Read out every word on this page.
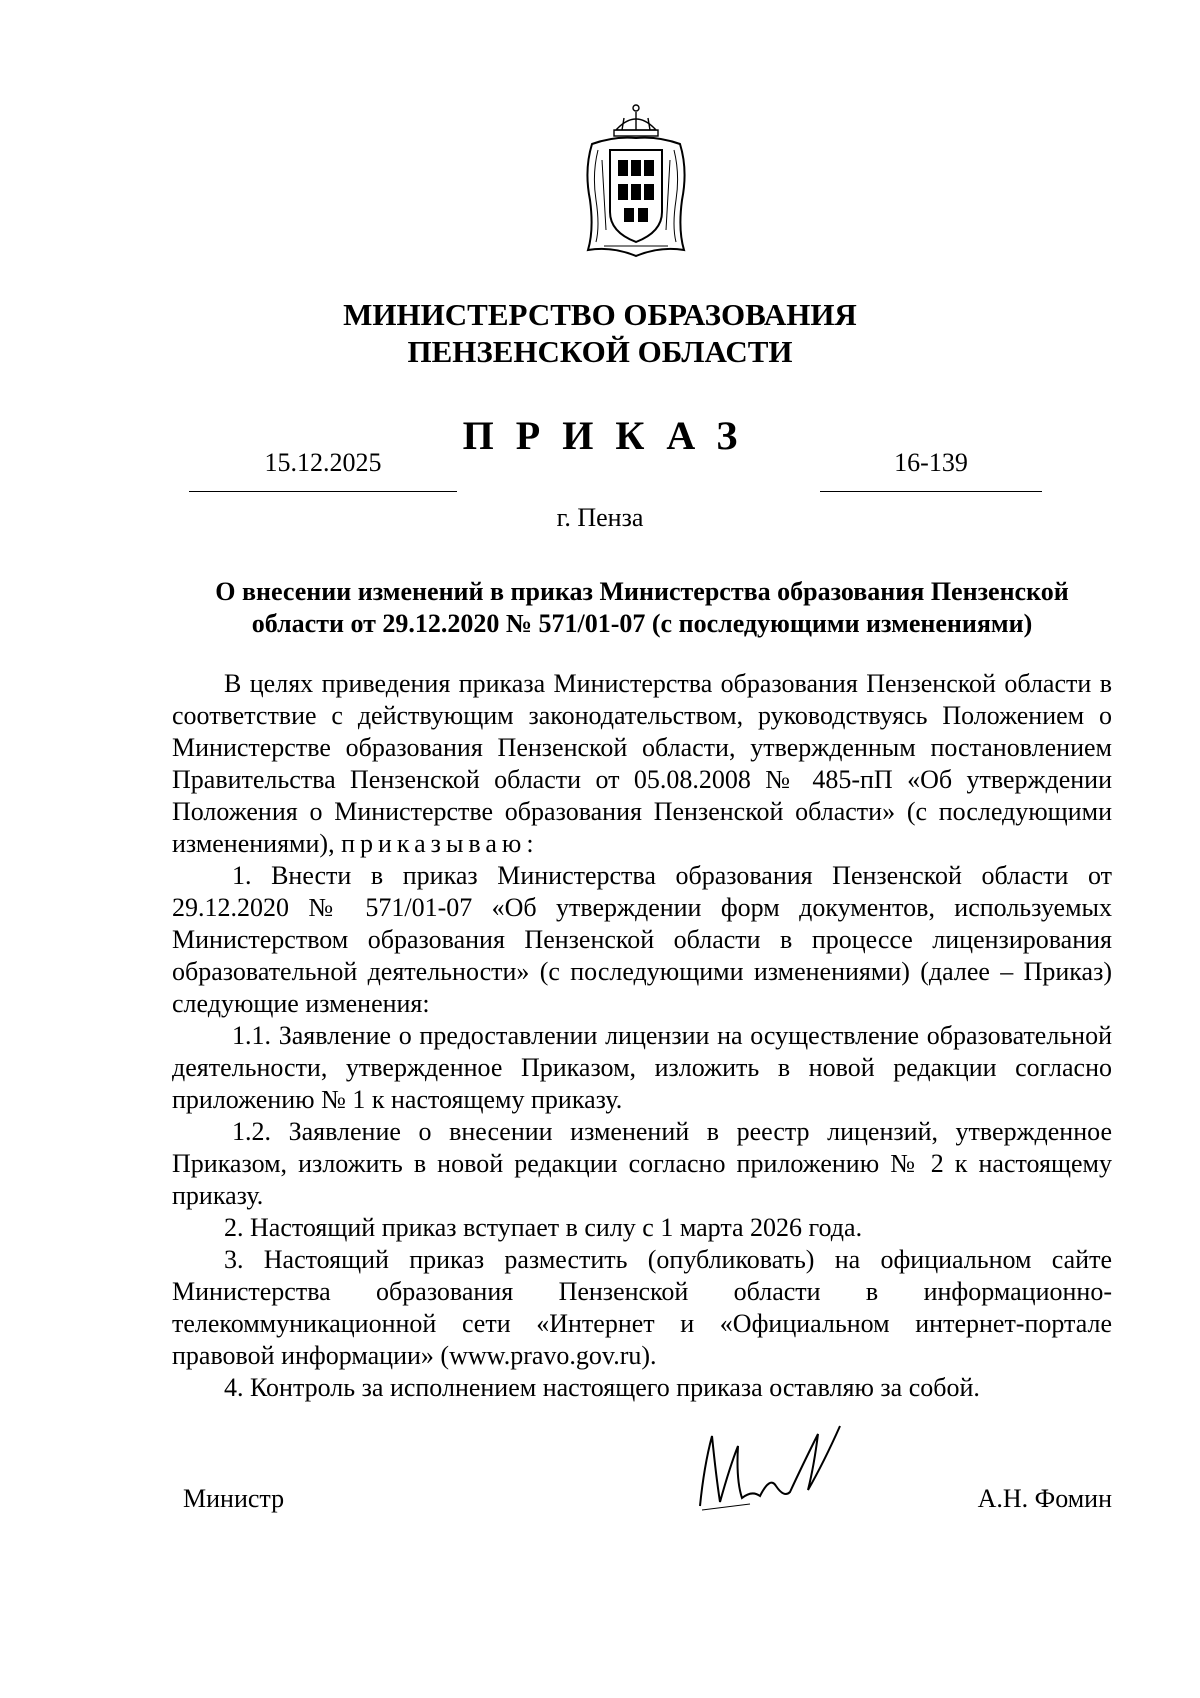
МИНИСТЕРСТВО ОБРАЗОВАНИЯ
ПЕНЗЕНСКОЙ ОБЛАСТИ
ПРИКАЗ
15.12.2025	16-139
г. Пенза
О внесении изменений в приказ Министерства образования Пензенской области от 29.12.2020 № 571/01-07 (с последующими изменениями)

В целях приведения приказа Министерства образования Пензенской области в соответствие с действующим законодательством, руководствуясь Положением о Министерстве образования Пензенской области, утвержденным постановлением Правительства Пензенской области от 05.08.2008 № 485-пП «Об утверждении Положения о Министерстве образования Пензенской области» (с последующими изменениями), приказываю:

1. Внести в приказ Министерства образования Пензенской области от 29.12.2020 № 571/01-07 «Об утверждении форм документов, используемых Министерством образования Пензенской области в процессе лицензирования образовательной деятельности» (с последующими изменениями) (далее – Приказ) следующие изменения:

1.1. Заявление о предоставлении лицензии на осуществление образовательной деятельности, утвержденное Приказом, изложить в новой редакции согласно приложению № 1 к настоящему приказу.

1.2. Заявление о внесении изменений в реестр лицензий, утвержденное Приказом, изложить в новой редакции согласно приложению № 2 к настоящему приказу.

2. Настоящий приказ вступает в силу с 1 марта 2026 года.

3. Настоящий приказ разместить (опубликовать) на официальном сайте Министерства образования Пензенской области в информационно-телекоммуникационной сети «Интернет и «Официальном интернет-портале правовой информации» (www.pravo.gov.ru).

4. Контроль за исполнением настоящего приказа оставляю за собой.

Министр	А.Н. Фомин
